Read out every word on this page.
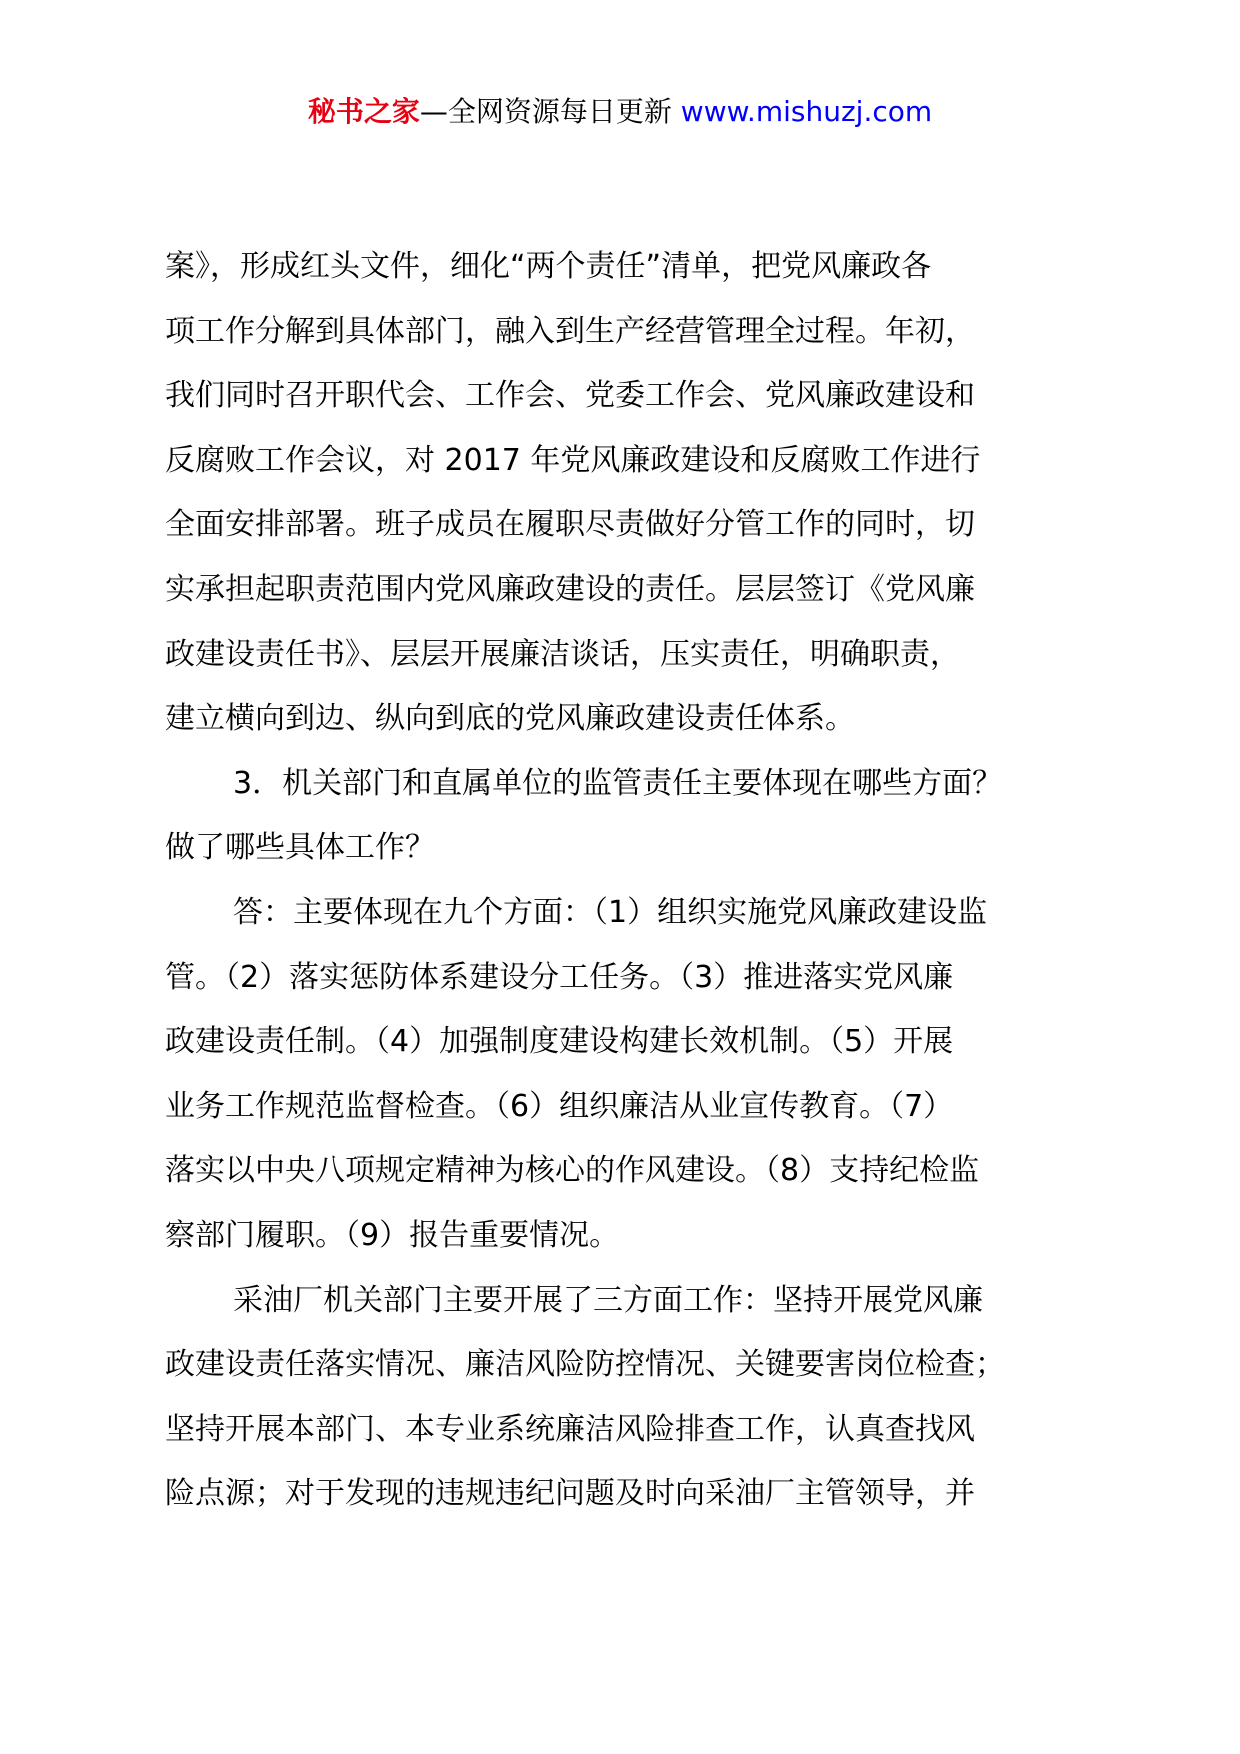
秘书之家—全网资源每日更新 www.mishuzj.com
案》，形成红头文件，细化“两个责任”清单，把党风廉政各
项工作分解到具体部门，融入到生产经营管理全过程。年初，
我们同时召开职代会、工作会、党委工作会、党风廉政建设和
反腐败工作会议，对 2017 年党风廉政建设和反腐败工作进行
全面安排部署。班子成员在履职尽责做好分管工作的同时，切
实承担起职责范围内党风廉政建设的责任。层层签订《党风廉
政建设责任书》、层层开展廉洁谈话，压实责任，明确职责，
建立横向到边、纵向到底的党风廉政建设责任体系。
3．机关部门和直属单位的监管责任主要体现在哪些方面？
做了哪些具体工作？
答：主要体现在九个方面：（1）组织实施党风廉政建设监
管。（2）落实惩防体系建设分工任务。（3）推进落实党风廉
政建设责任制。（4）加强制度建设构建长效机制。（5）开展
业务工作规范监督检查。（6）组织廉洁从业宣传教育。（7）
落实以中央八项规定精神为核心的作风建设。（8）支持纪检监
察部门履职。（9）报告重要情况。
采油厂机关部门主要开展了三方面工作：坚持开展党风廉
政建设责任落实情况、廉洁风险防控情况、关键要害岗位检查；
坚持开展本部门、本专业系统廉洁风险排查工作，认真查找风
险点源；对于发现的违规违纪问题及时向采油厂主管领导，并
